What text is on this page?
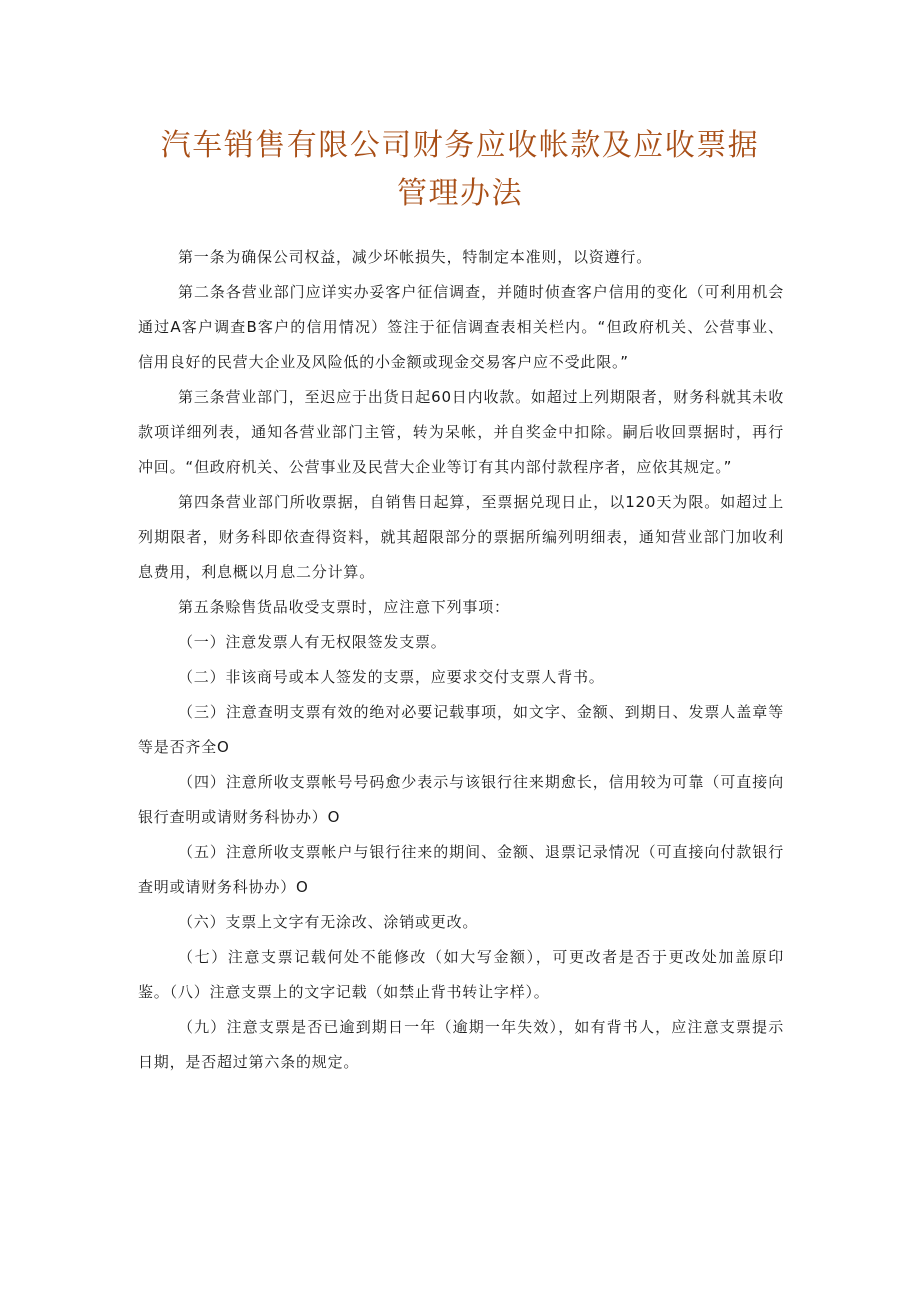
汽车销售有限公司财务应收帐款及应收票据管理办法

第一条为确保公司权益，减少坏帐损失，特制定本准则，以资遵行。

第二条各营业部门应详实办妥客户征信调查，并随时侦查客户信用的变化（可利用机会通过A客户调查B客户的信用情况）签注于征信调查表相关栏内。“但政府机关、公营事业、信用良好的民营大企业及风险低的小金额或现金交易客户应不受此限。”

第三条营业部门，至迟应于出货日起60日内收款。如超过上列期限者，财务科就其未收款项详细列表，通知各营业部门主管，转为呆帐，并自奖金中扣除。嗣后收回票据时，再行冲回。“但政府机关、公营事业及民营大企业等订有其内部付款程序者，应依其规定。”

第四条营业部门所收票据，自销售日起算，至票据兑现日止，以120天为限。如超过上列期限者，财务科即依查得资料，就其超限部分的票据所编列明细表，通知营业部门加收利息费用，利息概以月息二分计算。

第五条赊售货品收受支票时，应注意下列事项：

（一）注意发票人有无权限签发支票。

（二）非该商号或本人签发的支票，应要求交付支票人背书。

（三）注意查明支票有效的绝对必要记载事项，如文字、金额、到期日、发票人盖章等等是否齐全O

（四）注意所收支票帐号号码愈少表示与该银行往来期愈长，信用较为可靠（可直接向银行查明或请财务科协办）O

（五）注意所收支票帐户与银行往来的期间、金额、退票记录情况（可直接向付款银行查明或请财务科协办）O

（六）支票上文字有无涂改、涂销或更改。

（七）注意支票记载何处不能修改（如大写金额），可更改者是否于更改处加盖原印鉴。（八）注意支票上的文字记载（如禁止背书转让字样）。

（九）注意支票是否已逾到期日一年（逾期一年失效），如有背书人，应注意支票提示日期，是否超过第六条的规定。
